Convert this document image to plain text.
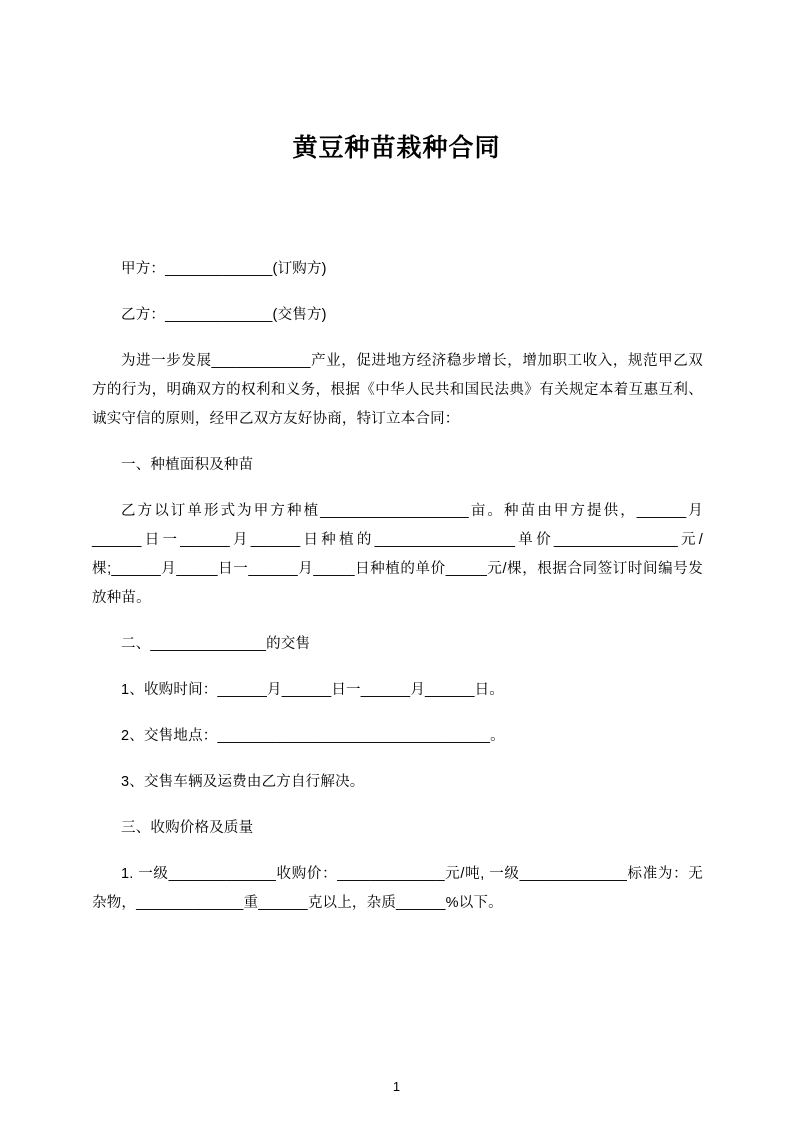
黄豆种苗栽种合同

甲方：_____________(订购方)

乙方：_____________(交售方)

为进一步发展____________产业，促进地方经济稳步增长，增加职工收入，规范甲乙双方的行为，明确双方的权利和义务，根据《中华人民共和国民法典》有关规定本着互惠互利、诚实守信的原则，经甲乙双方友好协商，特订立本合同：

一、种植面积及种苗

乙方以订单形式为甲方种植__________________亩。种苗由甲方提供，______月______日一______月______日种植的_________________单价_______________元/棵;______月_____日一______月_____日种植的单价_____元/棵，根据合同签订时间编号发放种苗。

二、______________的交售

1、收购时间：______月______日一______月______日。

2、交售地点：_________________________________。

3、交售车辆及运费由乙方自行解决。

三、收购价格及质量

1. 一级_____________收购价：_____________元/吨, 一级_____________标准为：无杂物，_____________重______克以上，杂质______%以下。

1
